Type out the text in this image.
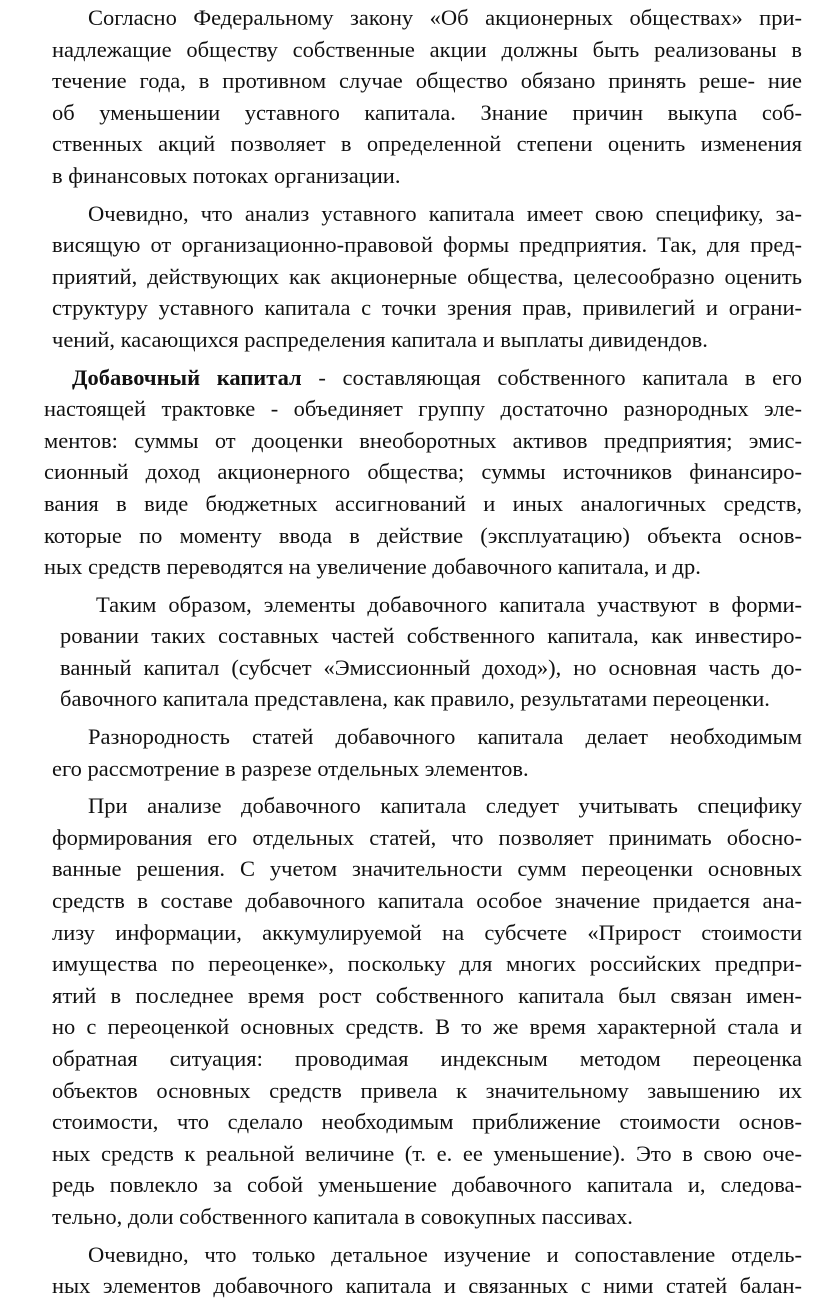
Согласно Федеральному закону «Об акционерных обществах» при-
надлежащие обществу собственные акции должны быть реализованы в
течение года, в противном случае общество обязано принять реше- ние
об уменьшении уставного капитала. Знание причин выкупа соб-
ственных акций позволяет в определенной степени оценить изменения
в финансовых потоках организации.
Очевидно, что анализ уставного капитала имеет свою специфику, за-
висящую от организационно-правовой формы предприятия. Так, для пред-
приятий, действующих как акционерные общества, целесообразно оценить
структуру уставного капитала с точки зрения прав, привилегий и ограни-
чений, касающихся распределения капитала и выплаты дивидендов.
Добавочный капитал - составляющая собственного капитала в его
настоящей трактовке - объединяет группу достаточно разнородных эле-
ментов: суммы от дооценки внеоборотных активов предприятия; эмис-
сионный доход акционерного общества; суммы источников финансиро-
вания в виде бюджетных ассигнований и иных аналогичных средств,
которые по моменту ввода в действие (эксплуатацию) объекта основ-
ных средств переводятся на увеличение добавочного капитала, и др.
Таким образом, элементы добавочного капитала участвуют в форми-
ровании таких составных частей собственного капитала, как инвестиро-
ванный капитал (субсчет «Эмиссионный доход»), но основная часть до-
бавочного капитала представлена, как правило, результатами переоценки.
Разнородность статей добавочного капитала делает необходимым
его рассмотрение в разрезе отдельных элементов.
При анализе добавочного капитала следует учитывать специфику
формирования его отдельных статей, что позволяет принимать обосно-
ванные решения. С учетом значительности сумм переоценки основных
средств в составе добавочного капитала особое значение придается ана-
лизу информации, аккумулируемой на субсчете «Прирост стоимости
имущества по переоценке», поскольку для многих российских предпри-
ятий в последнее время рост собственного капитала был связан имен-
но с переоценкой основных средств. В то же время характерной стала и
обратная ситуация: проводимая индексным методом переоценка
объектов основных средств привела к значительному завышению их
стоимости, что сделало необходимым приближение стоимости основ-
ных средств к реальной величине (т. е. ее уменьшение). Это в свою оче-
редь повлекло за собой уменьшение добавочного капитала и, следова-
тельно, доли собственного капитала в совокупных пассивах.
Очевидно, что только детальное изучение и сопоставление отдель-
ных элементов добавочного капитала и связанных с ними статей балан-
